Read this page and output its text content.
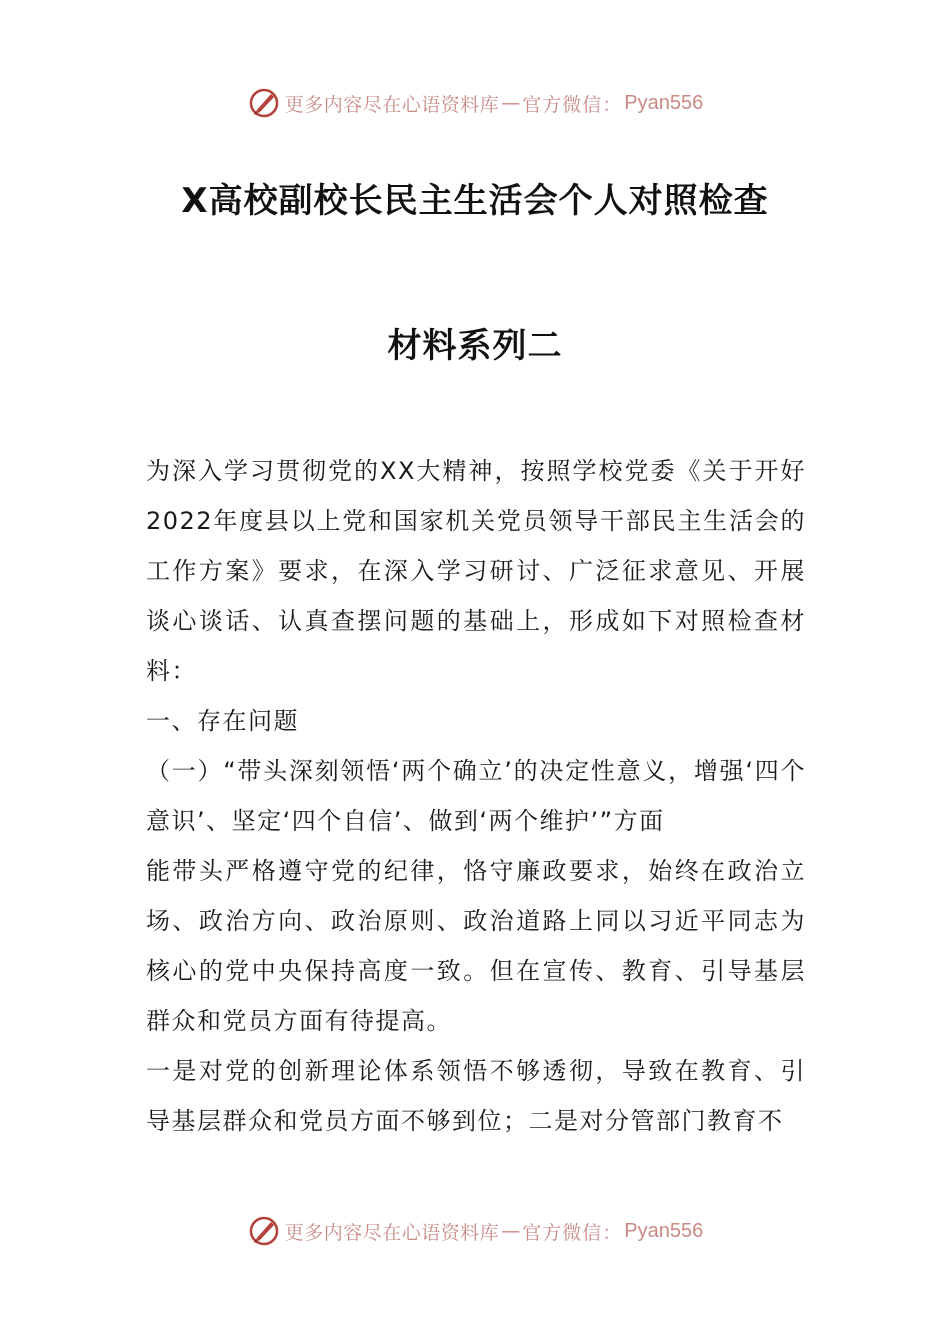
更多内容尽在心语资料库 — 官方微信： Pyan556
X高校副校长民主生活会个人对照检查
材料系列二

为深入学习贯彻党的XX大精神，按照学校党委《关于开好2022年度县以上党和国家机关党员领导干部民主生活会的工作方案》要求，在深入学习研讨、广泛征求意见、开展谈心谈话、认真查摆问题的基础上，形成如下对照检查材料：

一、存在问题

（一）“带头深刻领悟‘两个确立’的决定性意义，增强‘四个意识’、坚定‘四个自信’、做到‘两个维护’”方面

能带头严格遵守党的纪律，恪守廉政要求，始终在政治立场、政治方向、政治原则、政治道路上同以习近平同志为核心的党中央保持高度一致。但在宣传、教育、引导基层群众和党员方面有待提高。

一是对党的创新理论体系领悟不够透彻，导致在教育、引导基层群众和党员方面不够到位；二是对分管部门教育不

更多内容尽在心语资料库 — 官方微信： Pyan556
